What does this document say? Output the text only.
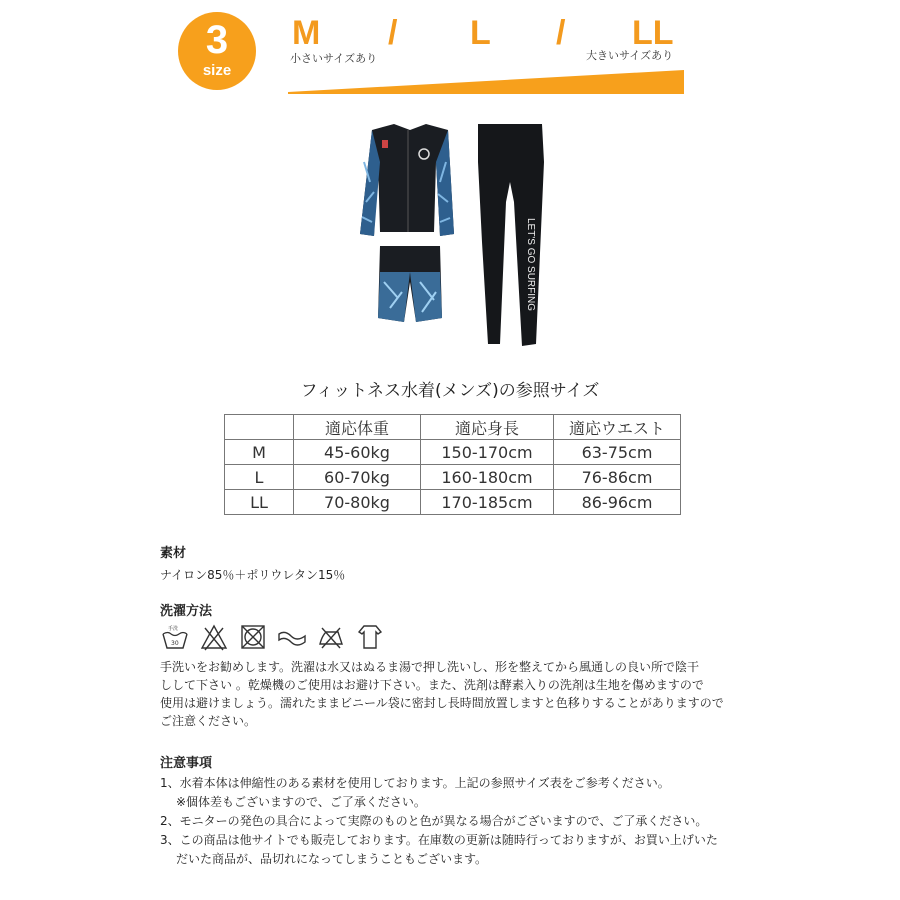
3
size
M / L / LL
小さいサイズあり	大きいサイズあり
LET'S GO SURFING
フィットネス水着(メンズ)の参照サイズ
	適応体重	適応身長	適応ウエスト
M	45-60kg	150-170cm	63-75cm
L	60-70kg	160-180cm	76-86cm
LL	70-80kg	170-185cm	86-96cm
素材
ナイロン85％＋ポリウレタン15％
洗濯方法
手洗
30

手洗いをお勧めします。洗濯は水又はぬるま湯で押し洗いし、形を整えてから風通しの良い所で陰干
しして下さい 。乾燥機のご使用はお避け下さい。また、洗剤は酵素入りの洗剤は生地を傷めますので
使用は避けましょう。濡れたままビニール袋に密封し長時間放置しますと色移りすることがありますので
ご注意ください。
注意事項
1、水着本体は伸縮性のある素材を使用しております。上記の参照サイズ表をご参考ください。
※個体差もございますので、ご了承ください。
2、モニターの発色の具合によって実際のものと色が異なる場合がございますので、ご了承ください。
3、この商品は他サイトでも販売しております。在庫数の更新は随時行っておりますが、お買い上げいた
だいた商品が、品切れになってしまうこともございます。
